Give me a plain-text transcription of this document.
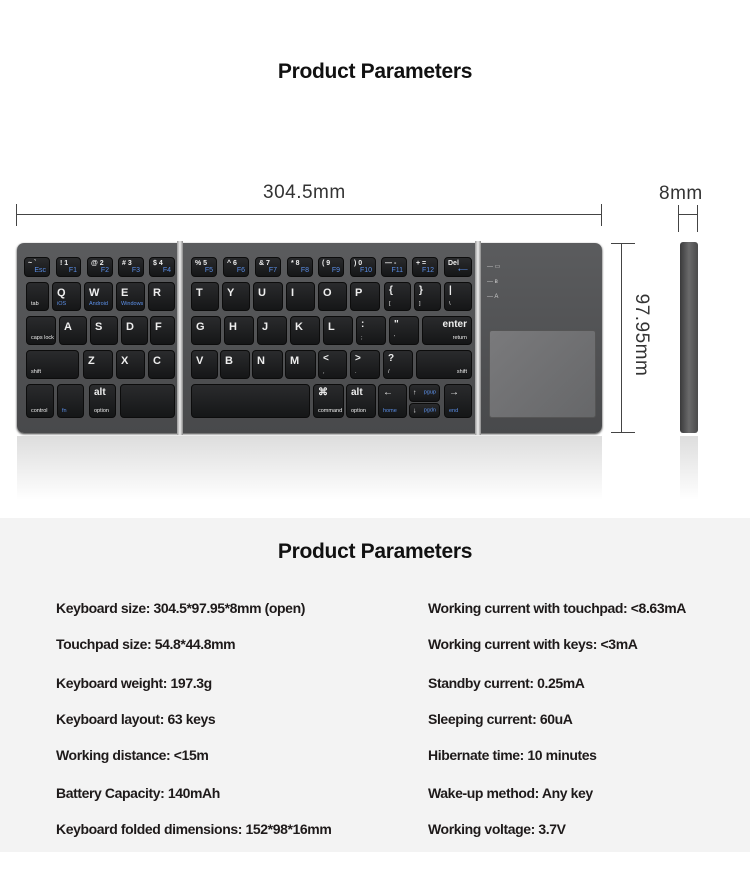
Product Parameters
304.5mm	8mm
97.95mm
~ `
Esc
! 1
F1
@ 2
F2
# 3
F3
$ 4
F4
% 5
F5
^ 6
F6
& 7
F7
* 8
F8
( 9
F9
) 0
F10
— -
F11
+ =
F12
Del
⟵
tab
Q
iOS
W
Android
E
Windows
R	T Y U I	O P	{
[
}
]
|
\
caps lock
A S D F	G H J K L	:
;
"
'
enter
return
shift
Z X C	V B N M <
,
>
.
?
/	shift
control	fn
alt
option
⌘
command
alt
option
←
home
↑ pgup
↓ pgdn
→
end
— ▭
— ʙ
— A
Product Parameters
Keyboard size: 304.5*97.95*8mm (open)
Touchpad size: 54.8*44.8mm
Keyboard weight: 197.3g
Keyboard layout: 63 keys
Working distance: <15m
Battery Capacity: 140mAh
Keyboard folded dimensions: 152*98*16mm
Working current with touchpad: <8.63mA
Working current with keys: <3mA
Standby current: 0.25mA
Sleeping current: 60uA
Hibernate time: 10 minutes
Wake-up method: Any key
Working voltage: 3.7V
